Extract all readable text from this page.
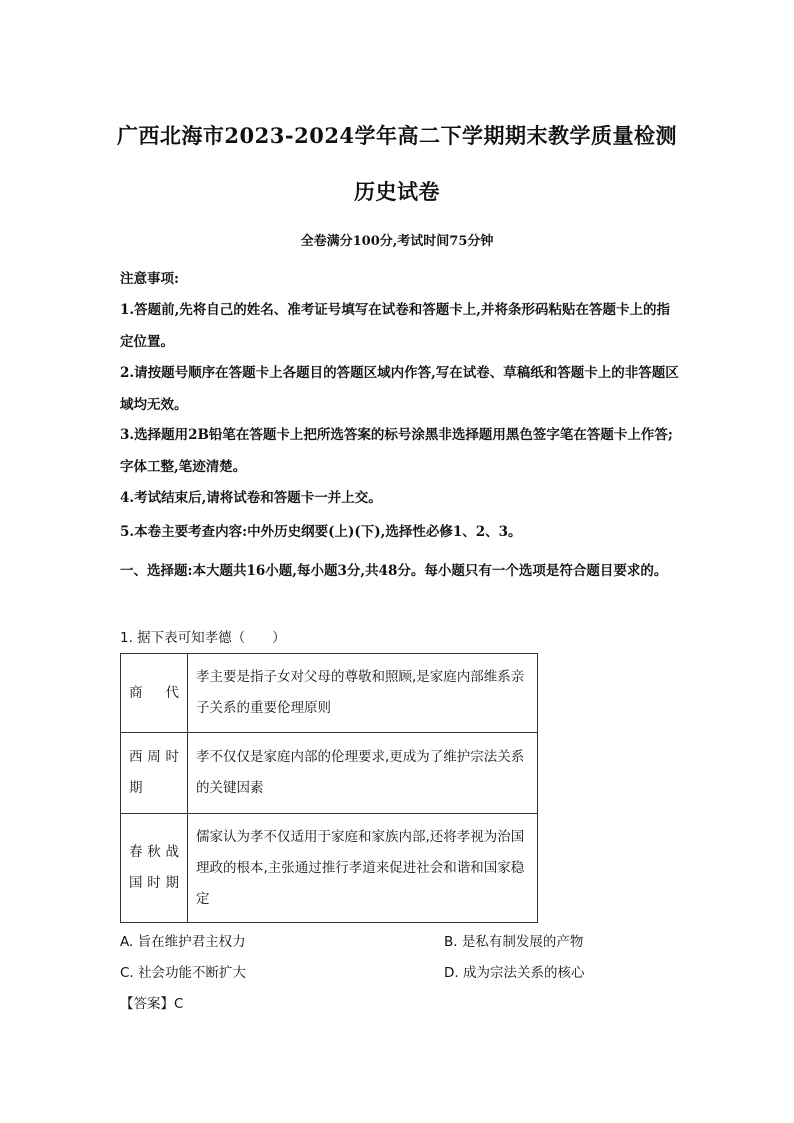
广西北海市2023-2024学年高二下学期期末教学质量检测
历史试卷
全卷满分100分,考试时间75分钟
注意事项:
1.答题前,先将自己的姓名、准考证号填写在试卷和答题卡上,并将条形码粘贴在答题卡上的指定位置。
2.请按题号顺序在答题卡上各题目的答题区域内作答,写在试卷、草稿纸和答题卡上的非答题区域均无效。
3.选择题用2B铅笔在答题卡上把所选答案的标号涂黑非选择题用黑色签字笔在答题卡上作答;字体工整,笔迹清楚。
4.考试结束后,请将试卷和答题卡一并上交。
5.本卷主要考查内容:中外历史纲要(上)(下),选择性必修1、2、3。
一、选择题:本大题共16小题,每小题3分,共48分。每小题只有一个选项是符合题目要求的。
1. 据下表可知孝德（　　）
商代	孝主要是指子女对父母的尊敬和照顾,是家庭内部维系亲子关系的重要伦理原则
西周时期	孝不仅仅是家庭内部的伦理要求,更成为了维护宗法关系的关键因素
春秋战国时期	儒家认为孝不仅适用于家庭和家族内部,还将孝视为治国理政的根本,主张通过推行孝道来促进社会和谐和国家稳定
A. 旨在维护君主权力	B. 是私有制发展的产物
C. 社会功能不断扩大	D. 成为宗法关系的核心
【答案】C
